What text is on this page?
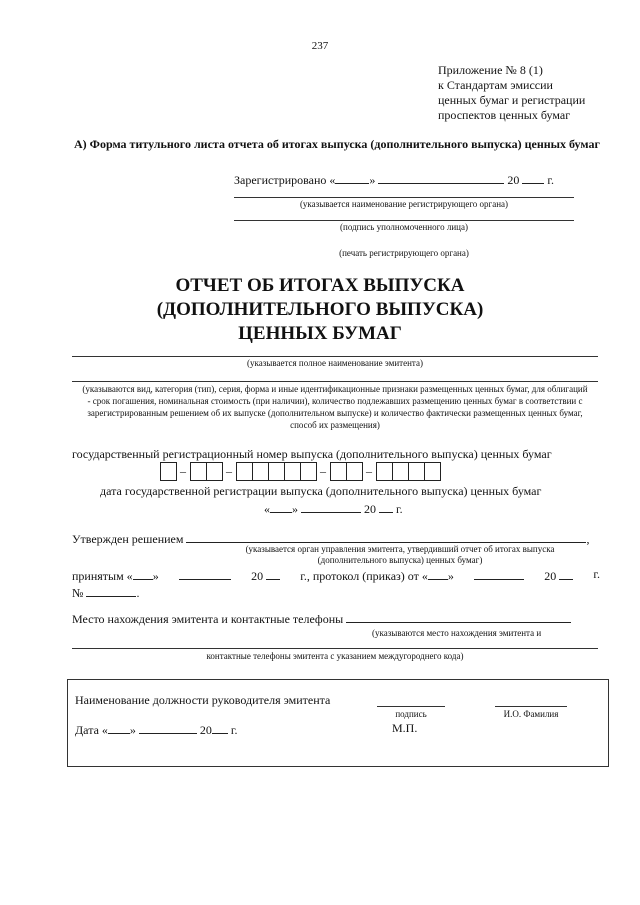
237
Приложение № 8 (1)
к Стандартам эмиссии
ценных бумаг и регистрации
проспектов ценных бумаг
А) Форма титульного листа отчета об итогах выпуска (дополнительного выпуска) ценных бумаг
Зарегистрировано «	»	20 г.
(указывается наименование регистрирующего органа)
(подпись уполномоченного лица)
(печать регистрирующего органа)
ОТЧЕТ ОБ ИТОГАХ ВЫПУСКА
(ДОПОЛНИТЕЛЬНОГО ВЫПУСКА)
ЦЕННЫХ БУМАГ
(указывается полное наименование эмитента)
(указываются вид, категория (тип), серия, форма и иные идентификационные признаки размещенных ценных бумаг, для облигаций - срок погашения, номинальная стоимость (при наличии), количество подлежавших размещению ценных бумаг в соответствии с зарегистрированным решением об их выпуске (дополнительном выпуске) и количество фактически размещенных ценных бумаг, способ их размещения)
государственный регистрационный номер выпуска (дополнительного выпуска) ценных бумаг
–	–	–	–
дата государственной регистрации выпуска (дополнительного выпуска) ценных бумаг
« »	20 г.
Утвержден решением	,
(указывается орган управления эмитента, утвердивший отчет об итогах выпуска
(дополнительного выпуска) ценных бумаг)
принятым « »	20	г., протокол (приказ) от « »	20	г.
№	.
Место нахождения эмитента и контактные телефоны
(указываются место нахождения эмитента и
контактные телефоны эмитента с указанием междугороднего кода)
Наименование должности руководителя эмитента
подпись	И.О. Фамилия
Дата « »	20 г.	М.П.
